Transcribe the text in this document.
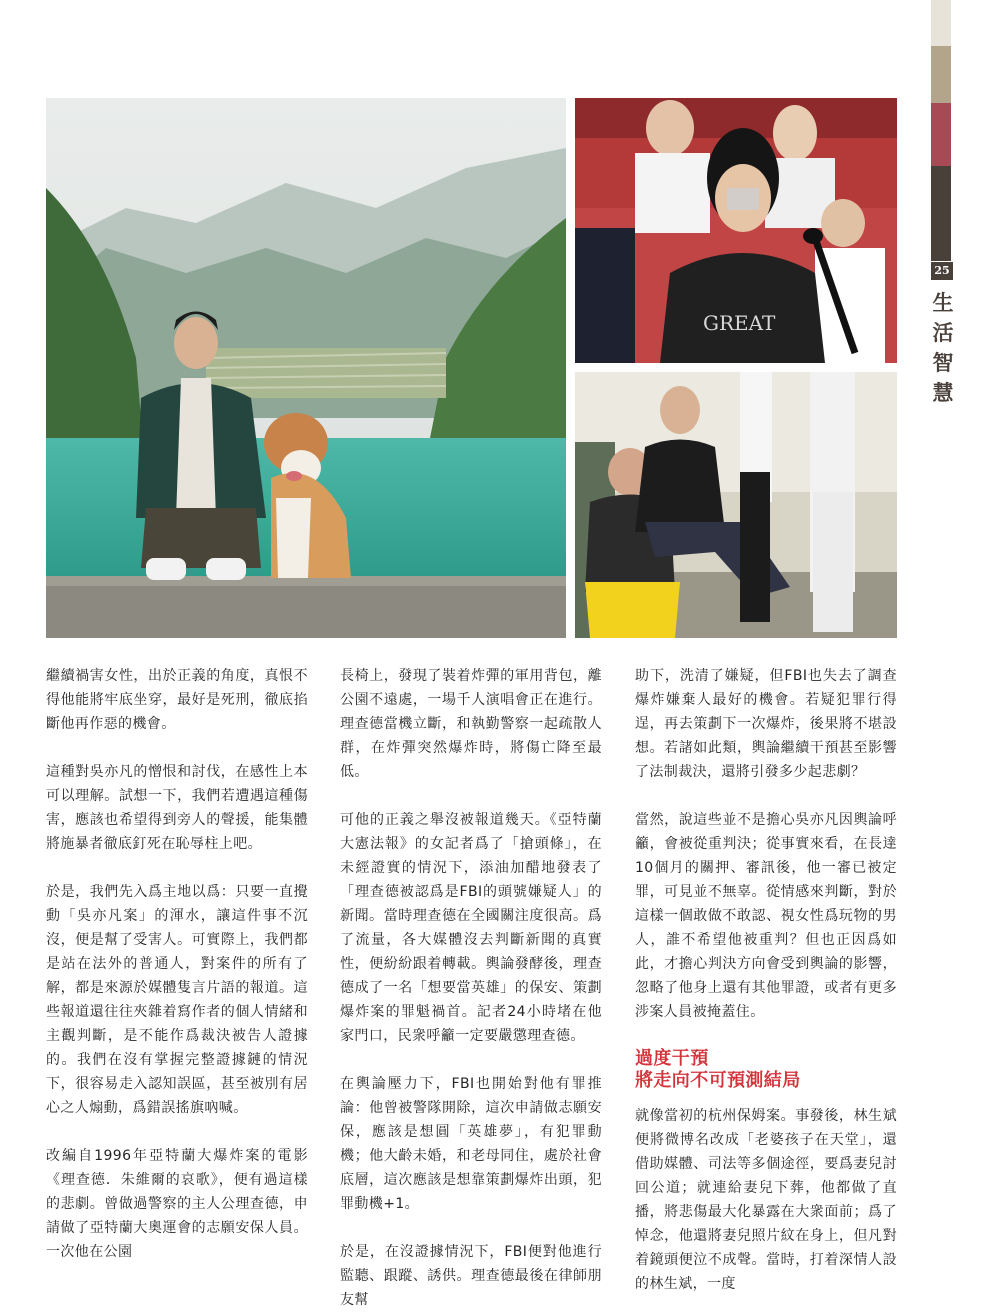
25
生
活
智
慧
GREAT

繼續禍害女性，出於正義的角度，真恨不得他能將牢底坐穿，最好是死刑，徹底掐斷他再作惡的機會。

這種對吳亦凡的憎恨和討伐，在感性上本可以理解。試想一下，我們若遭遇這種傷害，應該也希望得到旁人的聲援，能集體將施暴者徹底釘死在恥辱柱上吧。

於是，我們先入爲主地以爲：只要一直攪動「吳亦凡案」的渾水，讓這件事不沉沒，便是幫了受害人。可實際上，我們都是站在法外的普通人，對案件的所有了解，都是來源於媒體隻言片語的報道。這些報道還往往夾雜着寫作者的個人情緒和主觀判斷，是不能作爲裁決被告人證據的。我們在沒有掌握完整證據鏈的情況下，很容易走入認知誤區，甚至被別有居心之人煽動，爲錯誤搖旗吶喊。

改編自1996年亞特蘭大爆炸案的電影《理查德．朱維爾的哀歌》，便有過這樣的悲劇。曾做過警察的主人公理查德，申請做了亞特蘭大奧運會的志願安保人員。一次他在公園

長椅上，發現了裝着炸彈的軍用背包，離公園不遠處，一場千人演唱會正在進行。理查德當機立斷，和執勤警察一起疏散人群，在炸彈突然爆炸時，將傷亡降至最低。

可他的正義之舉沒被報道幾天。《亞特蘭大憲法報》的女記者爲了「搶頭條」，在未經證實的情況下，添油加醋地發表了「理查德被認爲是FBI的頭號嫌疑人」的新聞。當時理查德在全國關注度很高。爲了流量，各大媒體沒去判斷新聞的真實性，便紛紛跟着轉載。輿論發酵後，理查德成了一名「想要當英雄」的保安、策劃爆炸案的罪魁禍首。記者24小時堵在他家門口，民衆呼籲一定要嚴懲理查德。

在輿論壓力下，FBI也開始對他有罪推論：他曾被警隊開除，這次申請做志願安保，應該是想圓「英雄夢」，有犯罪動機；他大齡未婚，和老母同住，處於社會底層，這次應該是想靠策劃爆炸出頭，犯罪動機+1。

於是，在沒證據情況下，FBI便對他進行監聽、跟蹤、誘供。理查德最後在律師朋友幫

助下，洗清了嫌疑，但FBI也失去了調查爆炸嫌棄人最好的機會。若疑犯罪行得逞，再去策劃下一次爆炸，後果將不堪設想。若諸如此類，輿論繼續干預甚至影響了法制裁決，還將引發多少起悲劇？

當然，說這些並不是擔心吳亦凡因輿論呼籲，會被從重判決；從事實來看，在長達10個月的關押、審訊後，他一審已被定罪，可見並不無辜。從情感來判斷，對於這樣一個敢做不敢認、視女性爲玩物的男人，誰不希望他被重判？但也正因爲如此，才擔心判決方向會受到輿論的影響，忽略了他身上還有其他罪證，或者有更多涉案人員被掩蓋住。

過度干預
將走向不可預測結局

就像當初的杭州保姆案。事發後，林生斌便將微博名改成「老婆孩子在天堂」，還借助媒體、司法等多個途徑，要爲妻兒討回公道；就連給妻兒下葬，他都做了直播，將悲傷最大化暴露在大衆面前；爲了悼念，他還將妻兒照片紋在身上，但凡對着鏡頭便泣不成聲。當時，打着深情人設的林生斌，一度
